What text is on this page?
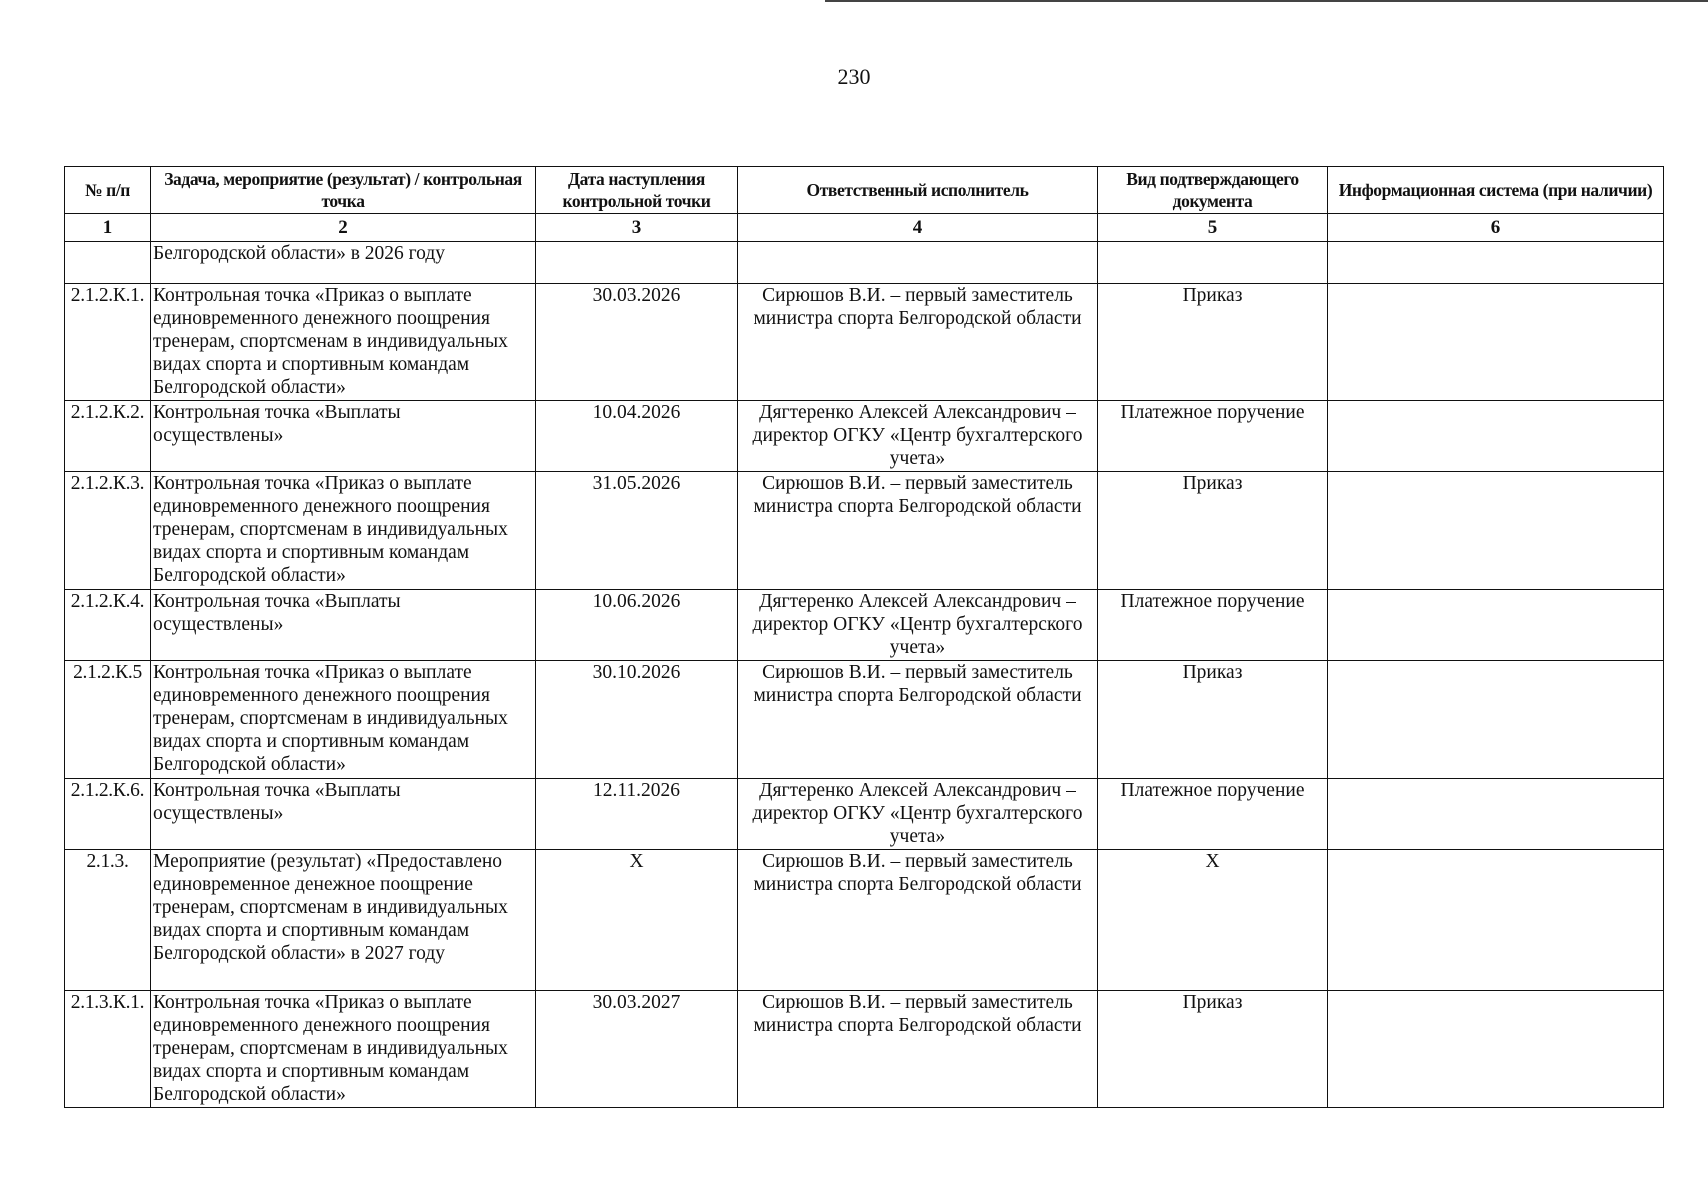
230
№ п/п	Задача, мероприятие (результат) / контрольная точка	Дата наступления контрольной точки	Ответственный исполнитель	Вид подтверждающего документа	Информационная система (при наличии)
1	2	3	4	5	6
	Белгородской области» в 2026 году				
2.1.2.К.1.	Контрольная точка «Приказ о выплате единовременного денежного поощрения тренерам, спортсменам в индивидуальных видах спорта и спортивным командам Белгородской области»	30.03.2026	Сирюшов В.И. – первый заместитель министра спорта Белгородской области	Приказ	
2.1.2.К.2.	Контрольная точка «Выплаты осуществлены»	10.04.2026	Дягтеренко Алексей Александрович – директор ОГКУ «Центр бухгалтерского учета»	Платежное поручение	
2.1.2.К.3.	Контрольная точка «Приказ о выплате единовременного денежного поощрения тренерам, спортсменам в индивидуальных видах спорта и спортивным командам Белгородской области»	31.05.2026	Сирюшов В.И. – первый заместитель министра спорта Белгородской области	Приказ	
2.1.2.К.4.	Контрольная точка «Выплаты осуществлены»	10.06.2026	Дягтеренко Алексей Александрович – директор ОГКУ «Центр бухгалтерского учета»	Платежное поручение	
2.1.2.К.5	Контрольная точка «Приказ о выплате единовременного денежного поощрения тренерам, спортсменам в индивидуальных видах спорта и спортивным командам Белгородской области»	30.10.2026	Сирюшов В.И. – первый заместитель министра спорта Белгородской области	Приказ	
2.1.2.К.6.	Контрольная точка «Выплаты осуществлены»	12.11.2026	Дягтеренко Алексей Александрович – директор ОГКУ «Центр бухгалтерского учета»	Платежное поручение	
2.1.3.	Мероприятие (результат) «Предоставлено единовременное денежное поощрение тренерам, спортсменам в индивидуальных видах спорта и спортивным командам Белгородской области» в 2027 году	Х	Сирюшов В.И. – первый заместитель министра спорта Белгородской области	Х	
2.1.3.К.1.	Контрольная точка «Приказ о выплате единовременного денежного поощрения тренерам, спортсменам в индивидуальных видах спорта и спортивным командам Белгородской области»	30.03.2027	Сирюшов В.И. – первый заместитель министра спорта Белгородской области	Приказ	
